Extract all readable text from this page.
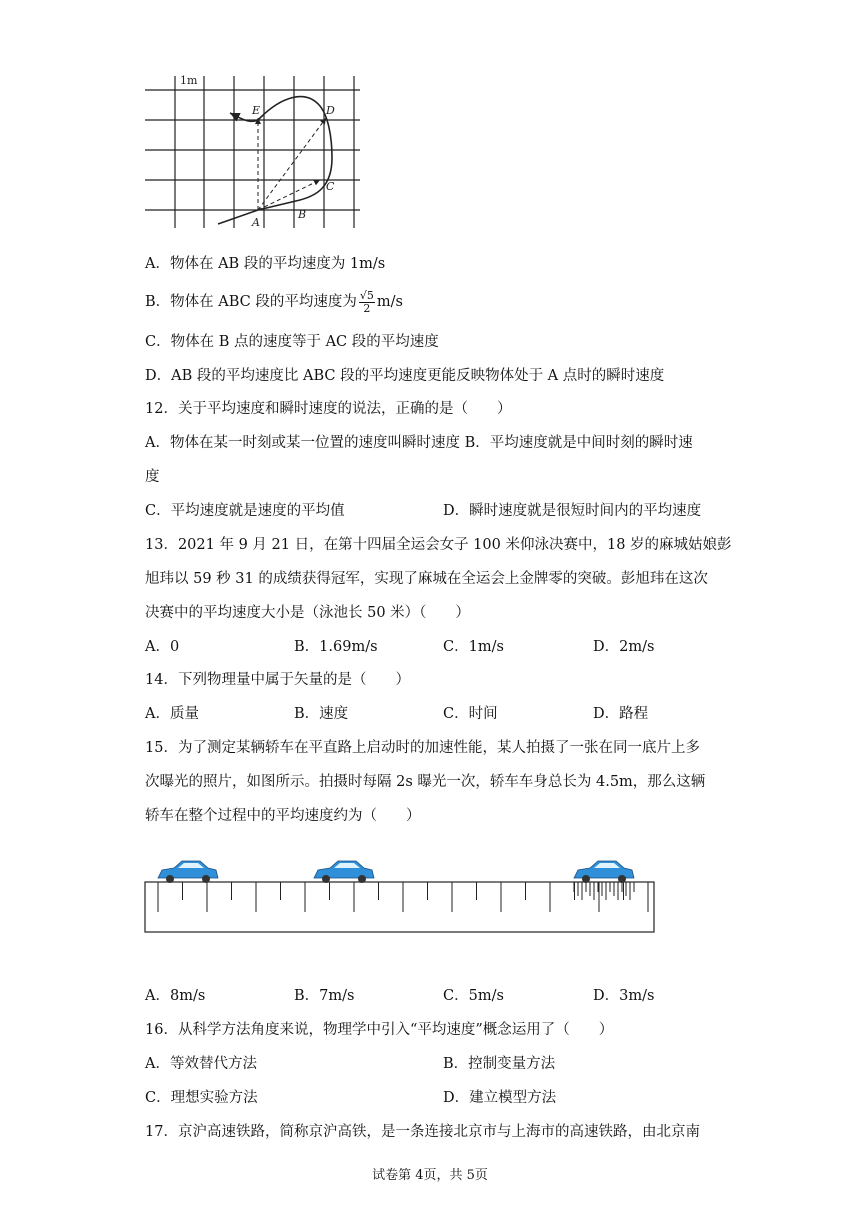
1m
A
B
C
D
E
A．物体在 AB 段的平均速度为 1m/s
B．物体在 ABC 段的平均速度为 $\frac{√5}{2} m/s$
C．物体在 B 点的速度等于 AC 段的平均速度
D．AB 段的平均速度比 ABC 段的平均速度更能反映物体处于 A 点时的瞬时速度
12．关于平均速度和瞬时速度的说法，正确的是（　　）
A．物体在某一时刻或某一位置的速度叫瞬时速度 B．平均速度就是中间时刻的瞬时速
度
C．平均速度就是速度的平均值	D．瞬时速度就是很短时间内的平均速度
13．2021 年 9 月 21 日，在第十四届全运会女子 100 米仰泳决赛中，18 岁的麻城姑娘彭
旭玮以 59 秒 31 的成绩获得冠军，实现了麻城在全运会上金牌零的突破。彭旭玮在这次
决赛中的平均速度大小是（泳池长 50 米）（　　）
A．0	B．1.69m/s	C．1m/s	D．2m/s
14．下列物理量中属于矢量的是（　　）
A．质量	B．速度	C．时间	D．路程
15．为了测定某辆轿车在平直路上启动时的加速性能，某人拍摄了一张在同一底片上多
次曝光的照片，如图所示。拍摄时每隔 2s 曝光一次，轿车车身总长为 4.5m，那么这辆
轿车在整个过程中的平均速度约为（　　）
A．8m/s	B．7m/s	C．5m/s	D．3m/s
16．从科学方法角度来说，物理学中引入“平均速度”概念运用了（　　）
A．等效替代方法	B．控制变量方法
C．理想实验方法	D．建立模型方法
17．京沪高速铁路，简称京沪高铁，是一条连接北京市与上海市的高速铁路，由北京南
试卷第 4页，共 5页
